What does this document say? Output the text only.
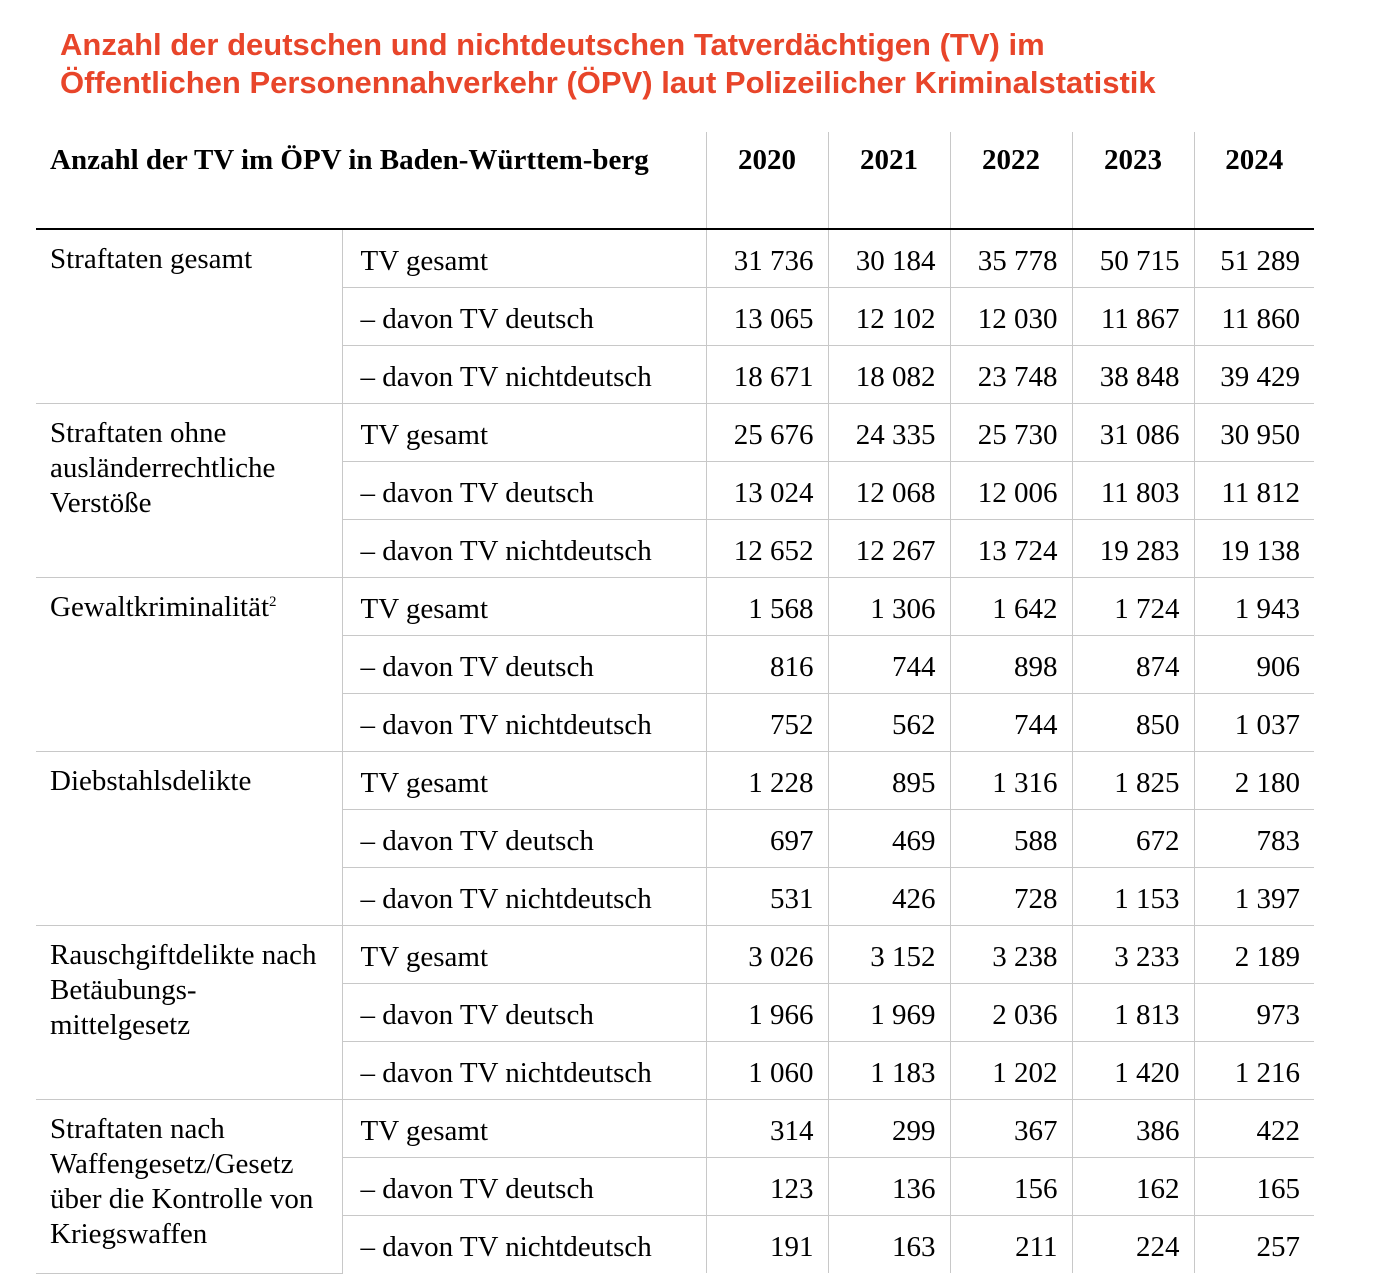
Anzahl der deutschen und nichtdeutschen Tatverdächtigen (TV) im
Öffentlichen Personennahverkehr (ÖPV) laut Polizeilicher Kriminalstatistik
Anzahl der TV im ÖPV in Baden-Württem-berg		2020	2021	2022	2023	2024
Straftaten gesamt	TV gesamt	31 736	30 184	35 778	50 715	51 289
	– davon TV deutsch	13 065	12 102	12 030	11 867	11 860
	– davon TV nichtdeutsch	18 671	18 082	23 748	38 848	39 429
Straftaten ohne ausländerrechtliche Verstöße	TV gesamt	25 676	24 335	25 730	31 086	30 950
	– davon TV deutsch	13 024	12 068	12 006	11 803	11 812
	– davon TV nichtdeutsch	12 652	12 267	13 724	19 283	19 138
Gewaltkriminalität$^2$	TV gesamt	1 568	1 306	1 642	1 724	1 943
	– davon TV deutsch	816	744	898	874	906
	– davon TV nichtdeutsch	752	562	744	850	1 037
Diebstahlsdelikte	TV gesamt	1 228	895	1 316	1 825	2 180
	– davon TV deutsch	697	469	588	672	783
	– davon TV nichtdeutsch	531	426	728	1 153	1 397
Rauschgiftdelikte nach Betäubungs-mittelgesetz	TV gesamt	3 026	3 152	3 238	3 233	2 189
	– davon TV deutsch	1 966	1 969	2 036	1 813	973
	– davon TV nichtdeutsch	1 060	1 183	1 202	1 420	1 216
Straftaten nach Waffengesetz/Gesetz über die Kontrolle von Kriegswaffen	TV gesamt	314	299	367	386	422
	– davon TV deutsch	123	136	156	162	165
	– davon TV nichtdeutsch	191	163	211	224	257
